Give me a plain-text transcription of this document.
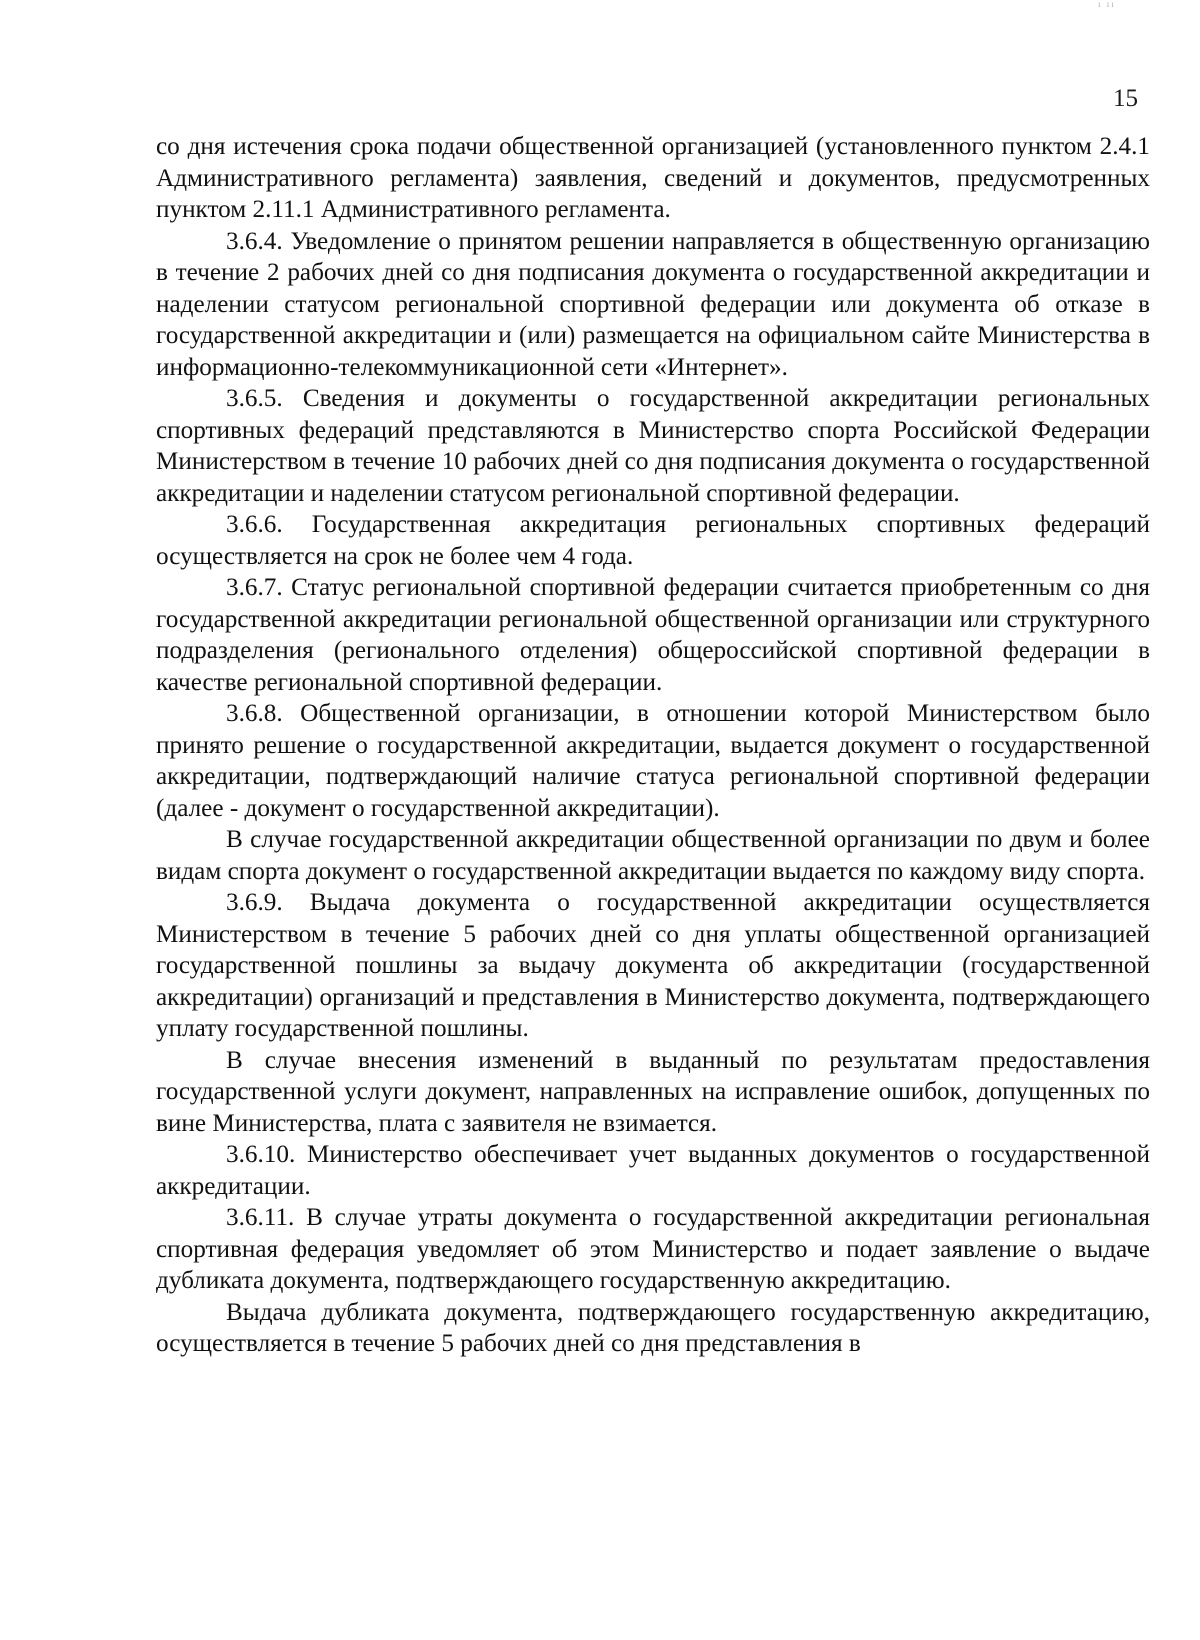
ı ıı
15

со дня истечения срока подачи общественной организацией (установленного пунктом 2.4.1 Административного регламента) заявления, сведений и документов, предусмотренных пунктом 2.11.1 Административного регламента.

3.6.4. Уведомление о принятом решении направляется в общественную организацию в течение 2 рабочих дней со дня подписания документа о государственной аккредитации и наделении статусом региональной спортивной федерации или документа об отказе в государственной аккредитации и (или) размещается на официальном сайте Министерства в информационно-телекоммуникационной сети «Интернет».

3.6.5. Сведения и документы о государственной аккредитации региональных спортивных федераций представляются в Министерство спорта Российской Федерации Министерством в течение 10 рабочих дней со дня подписания документа о государственной аккредитации и наделении статусом региональной спортивной федерации.

3.6.6. Государственная аккредитация региональных спортивных федераций осуществляется на срок не более чем 4 года.

3.6.7. Статус региональной спортивной федерации считается приобретенным со дня государственной аккредитации региональной общественной организации или структурного подразделения (регионального отделения) общероссийской спортивной федерации в качестве региональной спортивной федерации.

3.6.8. Общественной организации, в отношении которой Министерством было принято решение о государственной аккредитации, выдается документ о государственной аккредитации, подтверждающий наличие статуса региональной спортивной федерации (далее - документ о государственной аккредитации).

В случае государственной аккредитации общественной организации по двум и более видам спорта документ о государственной аккредитации выдается по каждому виду спорта.

3.6.9. Выдача документа о государственной аккредитации осуществляется Министерством в течение 5 рабочих дней со дня уплаты общественной организацией государственной пошлины за выдачу документа об аккредитации (государственной аккредитации) организаций и представления в Министерство документа, подтверждающего уплату государственной пошлины.

В случае внесения изменений в выданный по результатам предоставления государственной услуги документ, направленных на исправление ошибок, допущенных по вине Министерства, плата с заявителя не взимается.

3.6.10. Министерство обеспечивает учет выданных документов о государственной аккредитации.

3.6.11. В случае утраты документа о государственной аккредитации региональная спортивная федерация уведомляет об этом Министерство и подает заявление о выдаче дубликата документа, подтверждающего государственную аккредитацию.

Выдача дубликата документа, подтверждающего государственную аккредитацию, осуществляется в течение 5 рабочих дней со дня представления в
